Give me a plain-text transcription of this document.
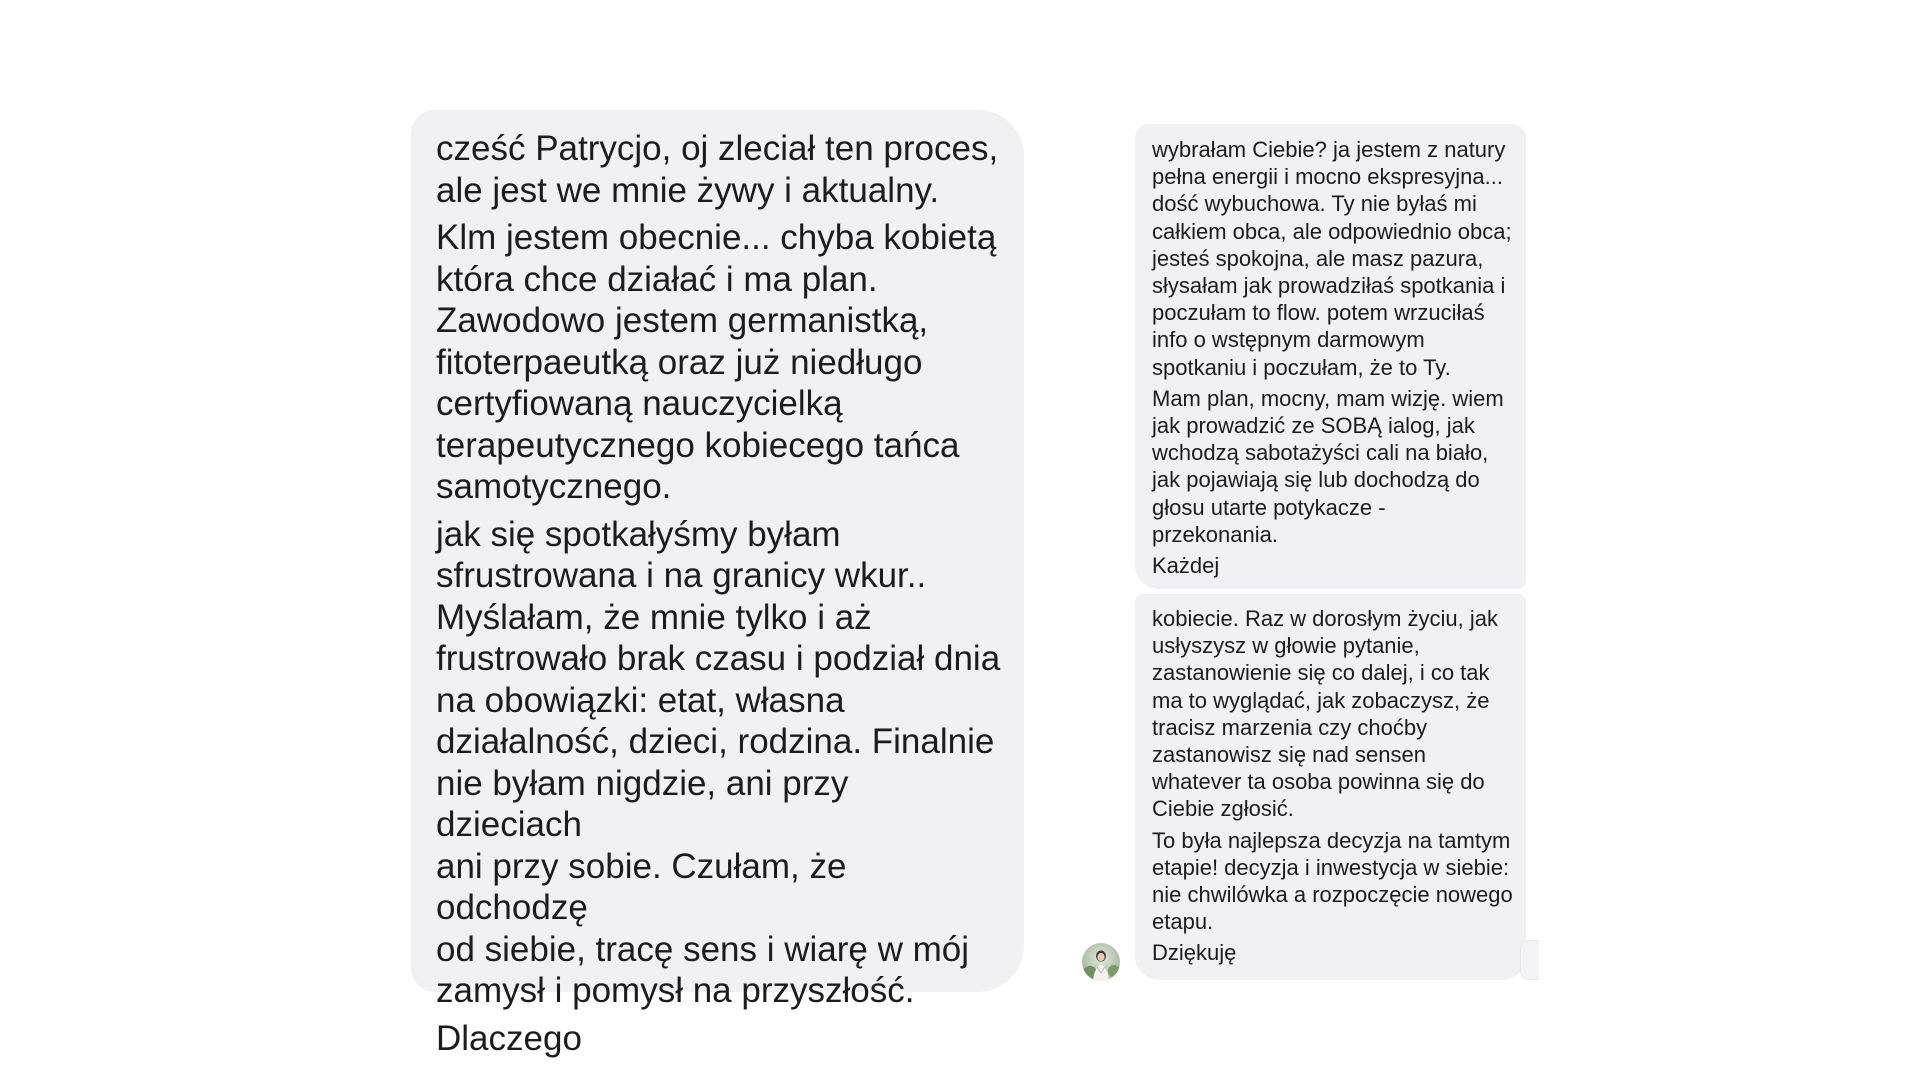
cześć Patrycjo, oj zleciał ten proces,
ale jest we mnie żywy i aktualny.

Klm jestem obecnie... chyba kobietą
która chce działać i ma plan.
Zawodowo jestem germanistką,
fitoterpaeutką oraz już niedługo
certyfiowaną nauczycielką
terapeutycznego kobiecego tańca
samotycznego.

jak się spotkałyśmy byłam
sfrustrowana i na granicy wkur..
Myślałam, że mnie tylko i aż
frustrowało brak czasu i podział dnia
na obowiązki: etat, własna
działalność, dzieci, rodzina. Finalnie
nie byłam nigdzie, ani przy dzieciach
ani przy sobie. Czułam, że odchodzę
od siebie, tracę sens i wiarę w mój
zamysł i pomysł na przyszłość.

Dlaczego

wybrałam Ciebie? ja jestem z natury
pełna energii i mocno ekspresyjna...
dość wybuchowa. Ty nie byłaś mi
całkiem obca, ale odpowiednio obca;
jesteś spokojna, ale masz pazura,
słysałam jak prowadziłaś spotkania i
poczułam to flow. potem wrzuciłaś
info o wstępnym darmowym
spotkaniu i poczułam, że to Ty.

Mam plan, mocny, mam wizję. wiem
jak prowadzić ze SOBĄ ialog, jak
wchodzą sabotażyści cali na biało,
jak pojawiają się lub dochodzą do
głosu utarte potykacze -
przekonania.

Każdej

kobiecie. Raz w dorosłym życiu, jak
usłyszysz w głowie pytanie,
zastanowienie się co dalej, i co tak
ma to wyglądać, jak zobaczysz, że
tracisz marzenia czy choćby
zastanowisz się nad sensen
whatever ta osoba powinna się do
Ciebie zgłosić.

To była najlepsza decyzja na tamtym
etapie! decyzja i inwestycja w siebie:
nie chwilówka a rozpoczęcie nowego
etapu.

Dziękuję
